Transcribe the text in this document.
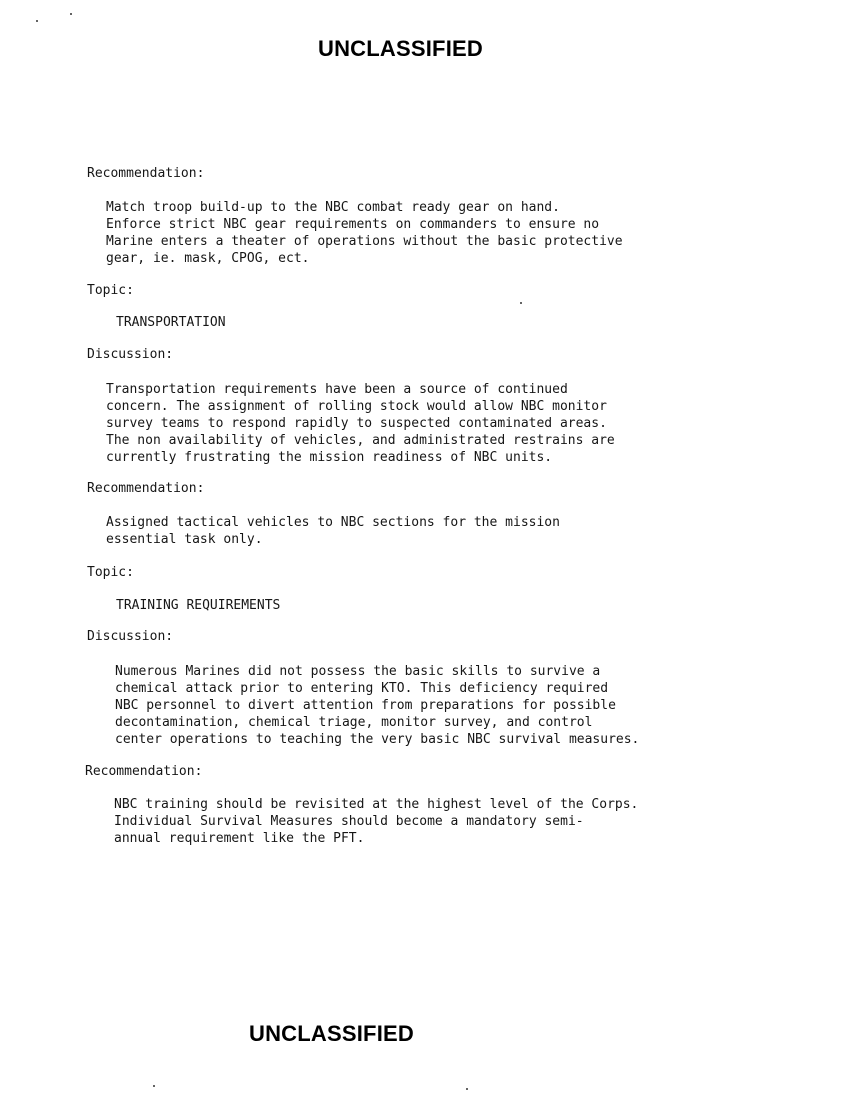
UNCLASSIFIED
Recommendation:
Match troop build-up to the NBC combat ready gear on hand.
Enforce strict NBC gear requirements on commanders to ensure no
Marine enters a theater of operations without the basic protective
gear, ie. mask, CPOG, ect.
Topic:
TRANSPORTATION
Discussion:
Transportation requirements have been a source of continued
concern. The assignment of rolling stock would allow NBC monitor
survey teams to respond rapidly to suspected contaminated areas.
The non availability of vehicles, and administrated restrains are
currently frustrating the mission readiness of NBC units.
Recommendation:
Assigned tactical vehicles to NBC sections for the mission
essential task only.
Topic:
TRAINING REQUIREMENTS
Discussion:
Numerous Marines did not possess the basic skills to survive a
chemical attack prior to entering KTO. This deficiency required
NBC personnel to divert attention from preparations for possible
decontamination, chemical triage, monitor survey, and control
center operations to teaching the very basic NBC survival measures.
Recommendation:
NBC training should be revisited at the highest level of the Corps.
Individual Survival Measures should become a mandatory semi-
annual requirement like the PFT.
UNCLASSIFIED
